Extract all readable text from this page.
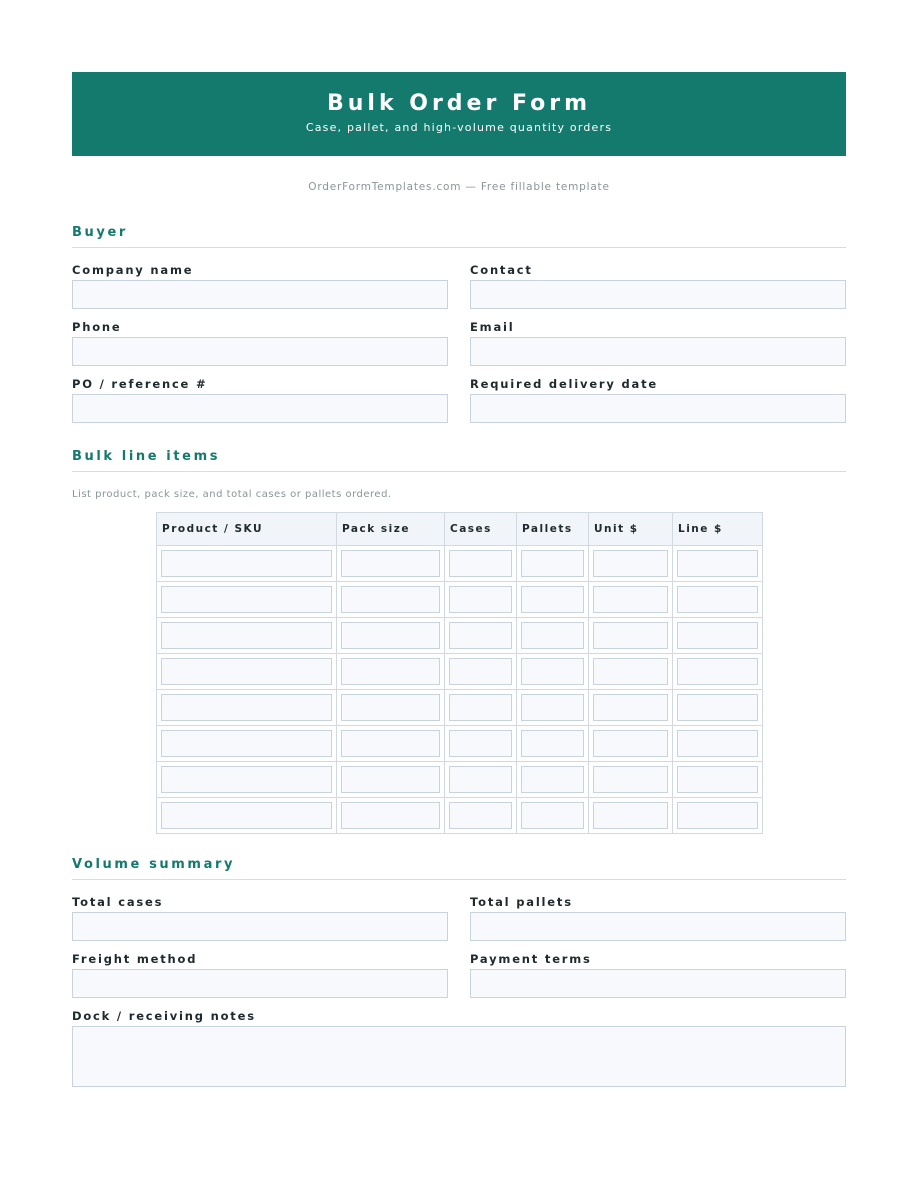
Bulk Order Form
Case, pallet, and high-volume quantity orders
OrderFormTemplates.com — Free fillable template
Buyer
Company name	Contact
Phone	Email
PO / reference #	Required delivery date
Bulk line items
List product, pack size, and total cases or pallets ordered.
Product / SKU	Pack size	Cases	Pallets	Unit $	Line $

Volume summary
Total cases	Total pallets
Freight method	Payment terms
Dock / receiving notes
